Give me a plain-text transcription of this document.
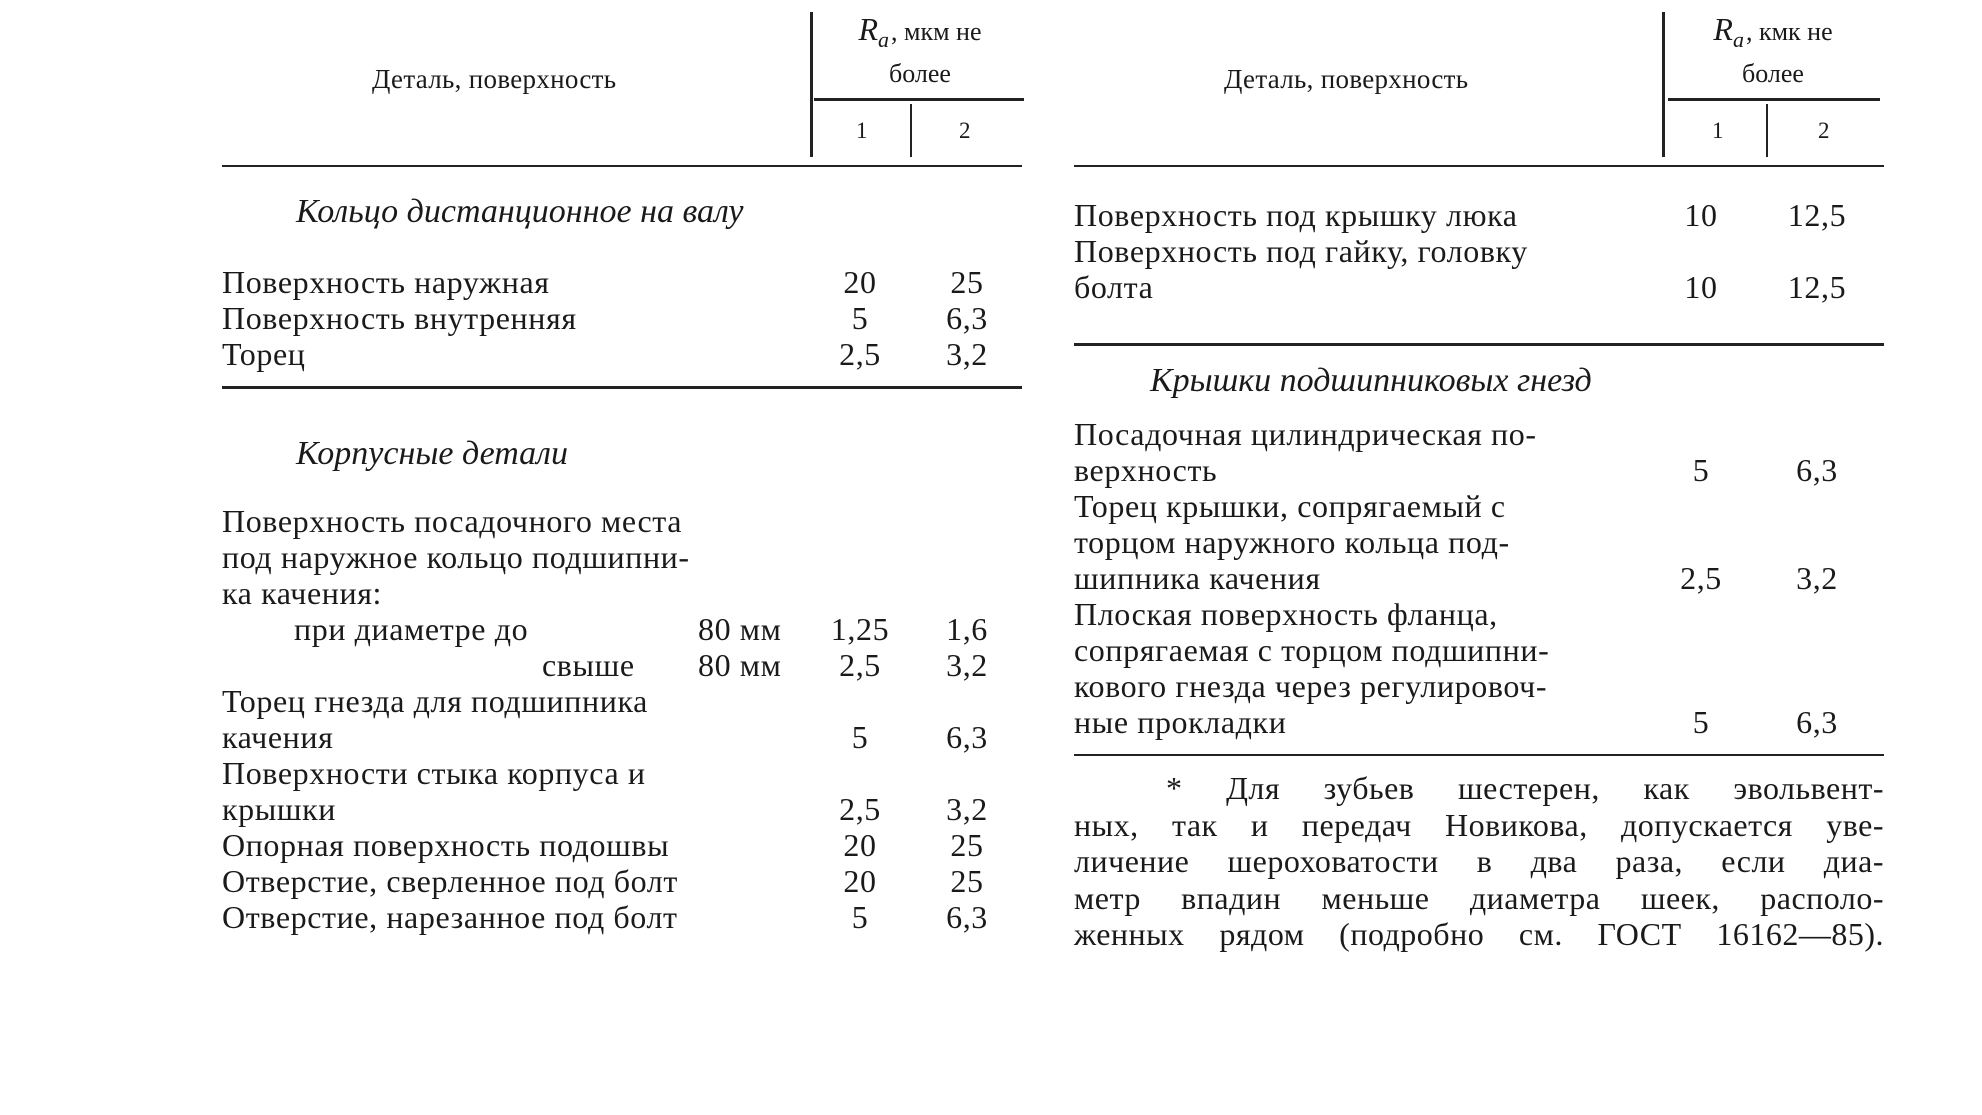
Деталь, поверхность
$R_a$, мкм не
более
1	2
Кольцо дистанционное на валу
Поверхность наружная	20	25
Поверхность внутренняя	5	6,3
Торец	2,5	3,2
Корпусные детали
Поверхность посадочного места
под наружное кольцо подшипни-
ка качения:
при диаметре до	80 мм	1,25	1,6
свыше 80 мм	2,5	3,2
Торец гнезда для подшипника
качения	5	6,3
Поверхности стыка корпуса и
крышки	2,5	3,2
Опорная поверхность подошвы	20	25
Отверстие, сверленное под болт	20	25
Отверстие, нарезанное под болт	5	6,3
Деталь, поверхность
$R_a$, кмк не
более
1	2
Поверхность под крышку люка	10	12,5
Поверхность под гайку, головку
болта	10	12,5
Крышки подшипниковых гнезд
Посадочная цилиндрическая по-
верхность	5	6,3
Торец крышки, сопрягаемый с
торцом наружного кольца под-
шипника качения	2,5	3,2
Плоская поверхность фланца,
сопрягаемая с торцом подшипни-
кового гнезда через регулировоч-
ные прокладки	5	6,3
* Для зубьев шестерен, как эвольвент-
ных, так и передач Новикова, допускается уве-
личение шероховатости в два раза, если диа-
метр впадин меньше диаметра шеек, располо-
женных рядом (подробно см. ГОСТ 16162—85).
